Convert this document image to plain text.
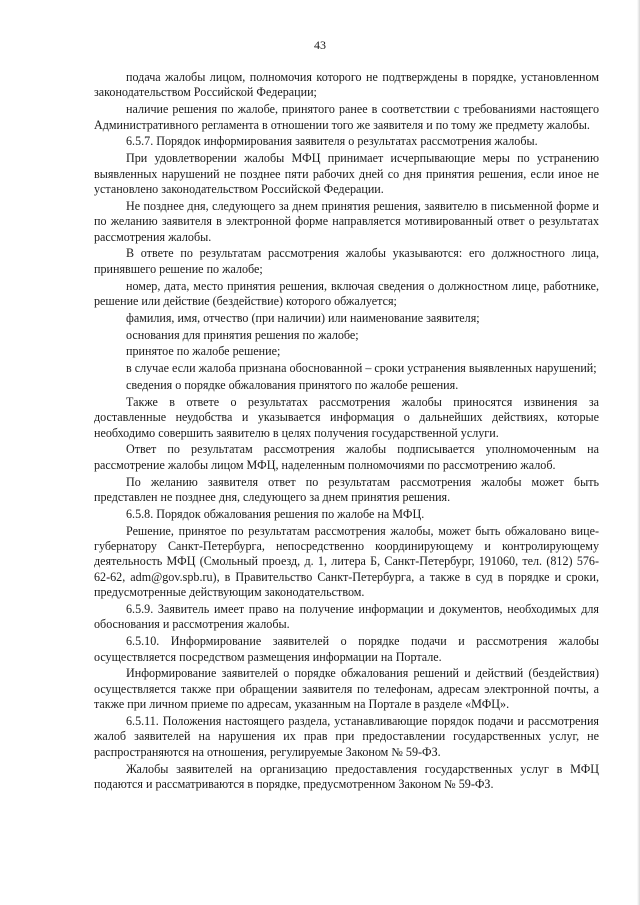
43

подача жалобы лицом, полномочия которого не подтверждены в порядке, установленном законодательством Российской Федерации;

наличие решения по жалобе, принятого ранее в соответствии с требованиями настоящего Административного регламента в отношении того же заявителя и по тому же предмету жалобы.

6.5.7. Порядок информирования заявителя о результатах рассмотрения жалобы.

При удовлетворении жалобы МФЦ принимает исчерпывающие меры по устранению выявленных нарушений не позднее пяти рабочих дней со дня принятия решения, если иное не установлено законодательством Российской Федерации.

Не позднее дня, следующего за днем принятия решения, заявителю в письменной форме и по желанию заявителя в электронной форме направляется мотивированный ответ о результатах рассмотрения жалобы.

В ответе по результатам рассмотрения жалобы указываются: его должностного лица, принявшего решение по жалобе;

номер, дата, место принятия решения, включая сведения о должностном лице, работнике, решение или действие (бездействие) которого обжалуется;

фамилия, имя, отчество (при наличии) или наименование заявителя;

основания для принятия решения по жалобе;

принятое по жалобе решение;

в случае если жалоба признана обоснованной – сроки устранения выявленных нарушений;

сведения о порядке обжалования принятого по жалобе решения.

Также в ответе о результатах рассмотрения жалобы приносятся извинения за доставленные неудобства и указывается информация о дальнейших действиях, которые необходимо совершить заявителю в целях получения государственной услуги.

Ответ по результатам рассмотрения жалобы подписывается уполномоченным на рассмотрение жалобы лицом МФЦ, наделенным полномочиями по рассмотрению жалоб.

По желанию заявителя ответ по результатам рассмотрения жалобы может быть представлен не позднее дня, следующего за днем принятия решения.

6.5.8. Порядок обжалования решения по жалобе на МФЦ.

Решение, принятое по результатам рассмотрения жалобы, может быть обжаловано вице-губернатору Санкт-Петербурга, непосредственно координирующему и контролирующему деятельность МФЦ (Смольный проезд, д. 1, литера Б, Санкт-Петербург, 191060, тел. (812) 576-62-62, adm@gov.spb.ru), в Правительство Санкт-Петербурга, а также в суд в порядке и сроки, предусмотренные действующим законодательством.

6.5.9. Заявитель имеет право на получение информации и документов, необходимых для обоснования и рассмотрения жалобы.

6.5.10. Информирование заявителей о порядке подачи и рассмотрения жалобы осуществляется посредством размещения информации на Портале.

Информирование заявителей о порядке обжалования решений и действий (бездействия) осуществляется также при обращении заявителя по телефонам, адресам электронной почты, а также при личном приеме по адресам, указанным на Портале в разделе «МФЦ».

6.5.11. Положения настоящего раздела, устанавливающие порядок подачи и рассмотрения жалоб заявителей на нарушения их прав при предоставлении государственных услуг, не распространяются на отношения, регулируемые Законом № 59-ФЗ.

Жалобы заявителей на организацию предоставления государственных услуг в МФЦ подаются и рассматриваются в порядке, предусмотренном Законом № 59-ФЗ.
